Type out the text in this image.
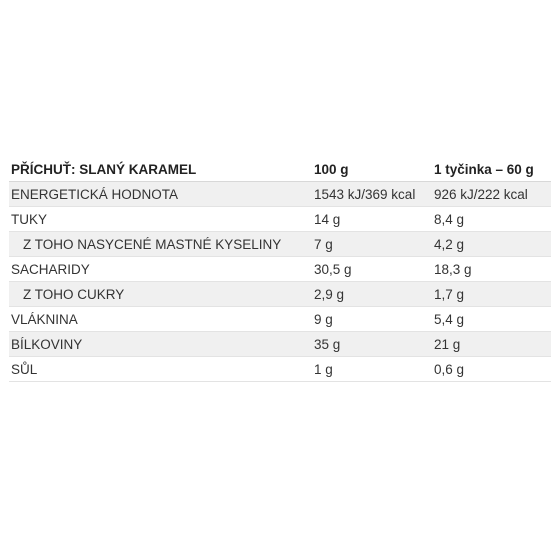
PŘÍCHUŤ: SLANÝ KARAMEL	100 g	1 tyčinka – 60 g
ENERGETICKÁ HODNOTA	1543 kJ/369 kcal	926 kJ/222 kcal
TUKY	14 g	8,4 g
Z TOHO NASYCENÉ MASTNÉ KYSELINY	7 g	4,2 g
SACHARIDY	30,5 g	18,3 g
Z TOHO CUKRY	2,9 g	1,7 g
VLÁKNINA	9 g	5,4 g
BÍLKOVINY	35 g	21 g
SŮL	1 g	0,6 g
